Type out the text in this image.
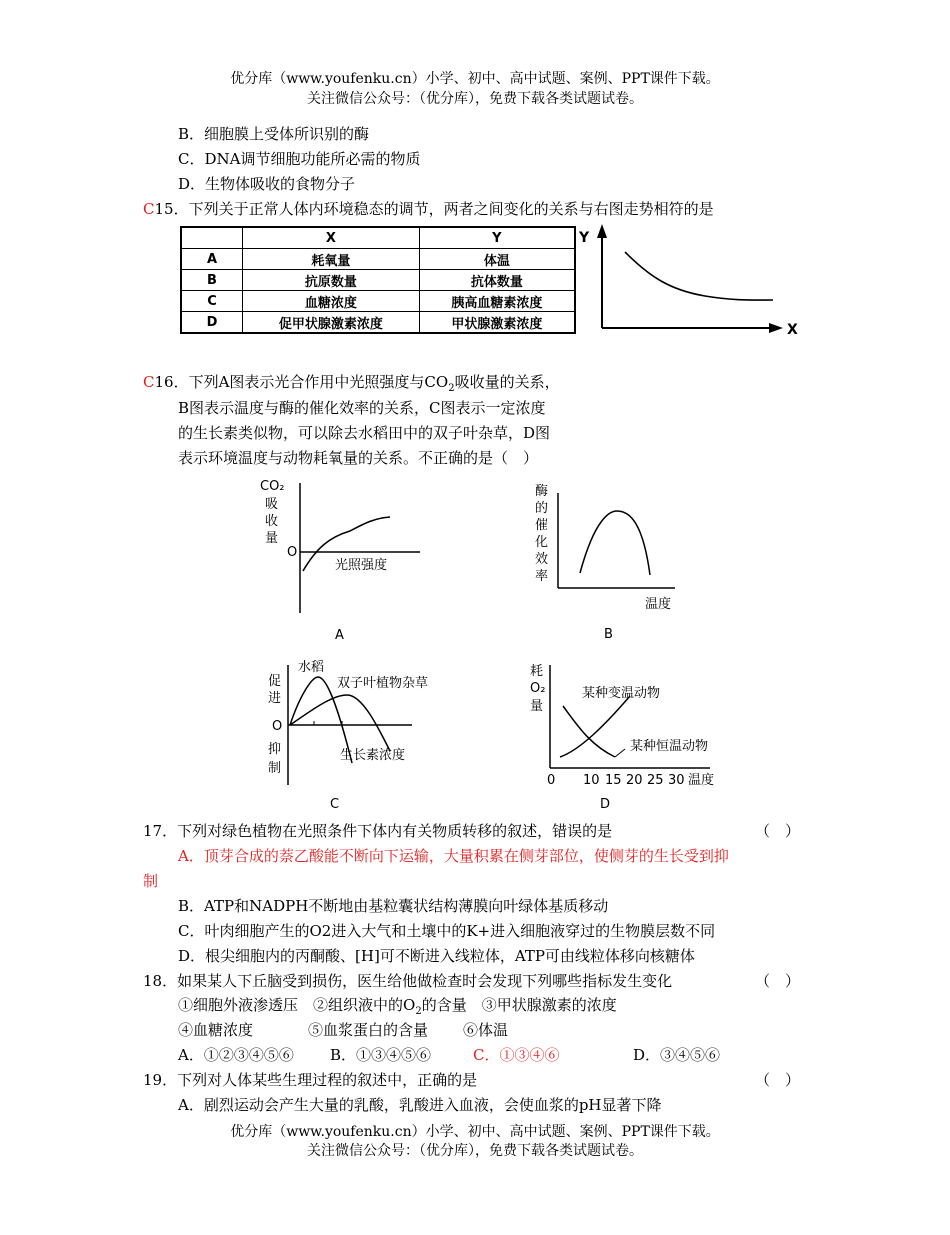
优分库（www.youfenku.cn）小学、初中、高中试题、案例、PPT课件下载。
关注微信公众号：（优分库），免费下载各类试题试卷。
B．细胞膜上受体所识别的酶
C．DNA调节细胞功能所必需的物质
D．生物体吸收的食物分子
C15．下列关于正常人体内环境稳态的调节，两者之间变化的关系与右图走势相符的是
	X	Y
A	耗氧量	体温
B	抗原数量	抗体数量
C	血糖浓度	胰高血糖素浓度
D	促甲状腺激素浓度	甲状腺激素浓度
Y
X
C16．下列A图表示光合作用中光照强度与$CO_2$吸收量的关系，
B图表示温度与酶的催化效率的关系，C图表示一定浓度
的生长素类似物，可以除去水稻田中的双子叶杂草，D图
表示环境温度与动物耗氧量的关系。不正确的是（　）
CO₂
吸
收
量
O
光照强度
A
酶
的
催
化
效
率
温度
B
水稻
促
进
O
抑
制
双子叶植物杂草
生长素浓度
C
耗
O₂
量
某种变温动物
某种恒温动物
0 10 15 20 25 30 温度
D
17．下列对绿色植物在光照条件下体内有关物质转移的叙述，错误的是	（　）
A．顶芽合成的萘乙酸能不断向下运输，大量积累在侧芽部位，使侧芽的生长受到抑
制
B．ATP和NADPH不断地由基粒囊状结构薄膜向叶绿体基质移动
C．叶肉细胞产生的O2进入大气和土壤中的K+进入细胞液穿过的生物膜层数不同
D．根尖细胞内的丙酮酸、[H]可不断进入线粒体，ATP可由线粒体移向核糖体
18．如果某人下丘脑受到损伤，医生给他做检查时会发现下列哪些指标发生变化	（　）
①细胞外液渗透压　 ②组织液中的$O_2$的含量　 ③甲状腺激素的浓度
④血糖浓度	⑤血浆蛋白的含量 ⑥体温
A．①②③④⑤⑥ B．①③④⑤⑥	C．①③④⑥	D．③④⑤⑥
19．下列对人体某些生理过程的叙述中，正确的是	（　）
A．剧烈运动会产生大量的乳酸，乳酸进入血液，会使血浆的pH显著下降
优分库（www.youfenku.cn）小学、初中、高中试题、案例、PPT课件下载。
关注微信公众号：（优分库），免费下载各类试题试卷。
